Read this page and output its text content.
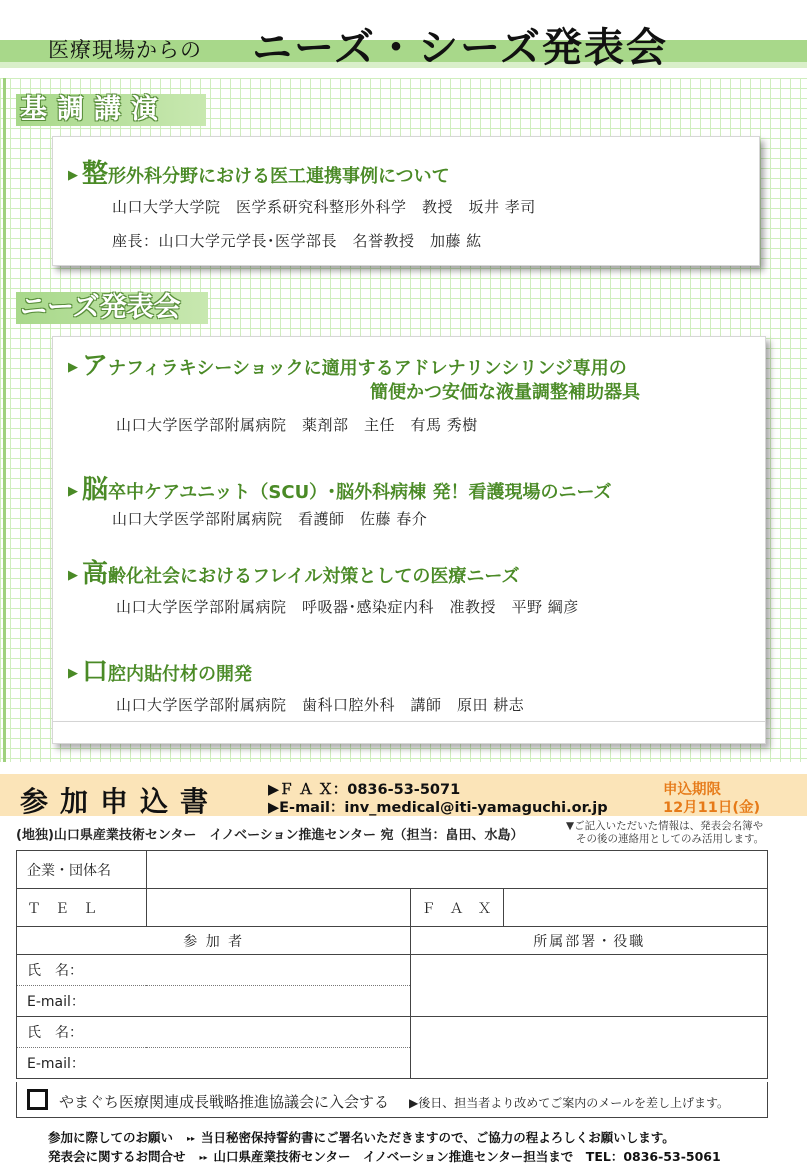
医療現場からの ニーズ・シーズ発表会
基調講演
▶ 整形外科分野における医工連携事例について
山口大学大学院　医学系研究科整形外科学　教授　坂井 孝司
座長：山口大学元学長･医学部長　名誉教授　加藤 紘
ニーズ発表会
▶ アナフィラキシーショックに適用するアドレナリンシリンジ専用の
簡便かつ安価な液量調整補助器具
山口大学医学部附属病院　薬剤部　主任　有馬 秀樹
▶ 脳卒中ケアユニット（SCU）･脳外科病棟 発！看護現場のニーズ
山口大学医学部附属病院　看護師　佐藤 春介
▶ 高齢化社会におけるフレイル対策としての医療ニーズ
山口大学医学部附属病院　呼吸器･感染症内科　准教授　平野 綱彦
▶ 口腔内貼付材の開発
山口大学医学部附属病院　歯科口腔外科　講師　原田 耕志
参加申込書	▶Ｆ Ａ Ｘ：0836-53-5071
▶E-mail：inv_medical@iti-yamaguchi.or.jp
申込期限
12月11日(金)
(地独)山口県産業技術センター　イノベーション推進センター 宛（担当：畠田、水島）
▼ご記入いただいた情報は、発表会名簿や
その後の連絡用としてのみ活用します。
企業・団体名			
Ｔ　Ｅ　Ｌ		Ｆ　Ａ　Ｘ	
参 加 者		所属部署・役職	
氏　名：			
E-mail：			
氏　名：			
E-mail：			
やまぐち医療関連成長戦略推進協議会に入会する ▶後日、担当者より改めてご案内のメールを差し上げます。
参加に際してのお願い ▸▸ 当日秘密保持誓約書にご署名いただきますので、ご協力の程よろしくお願いします。
発表会に関するお問合せ ▸▸ 山口県産業技術センター　イノベーション推進センター担当まで　TEL：0836-53-5061
